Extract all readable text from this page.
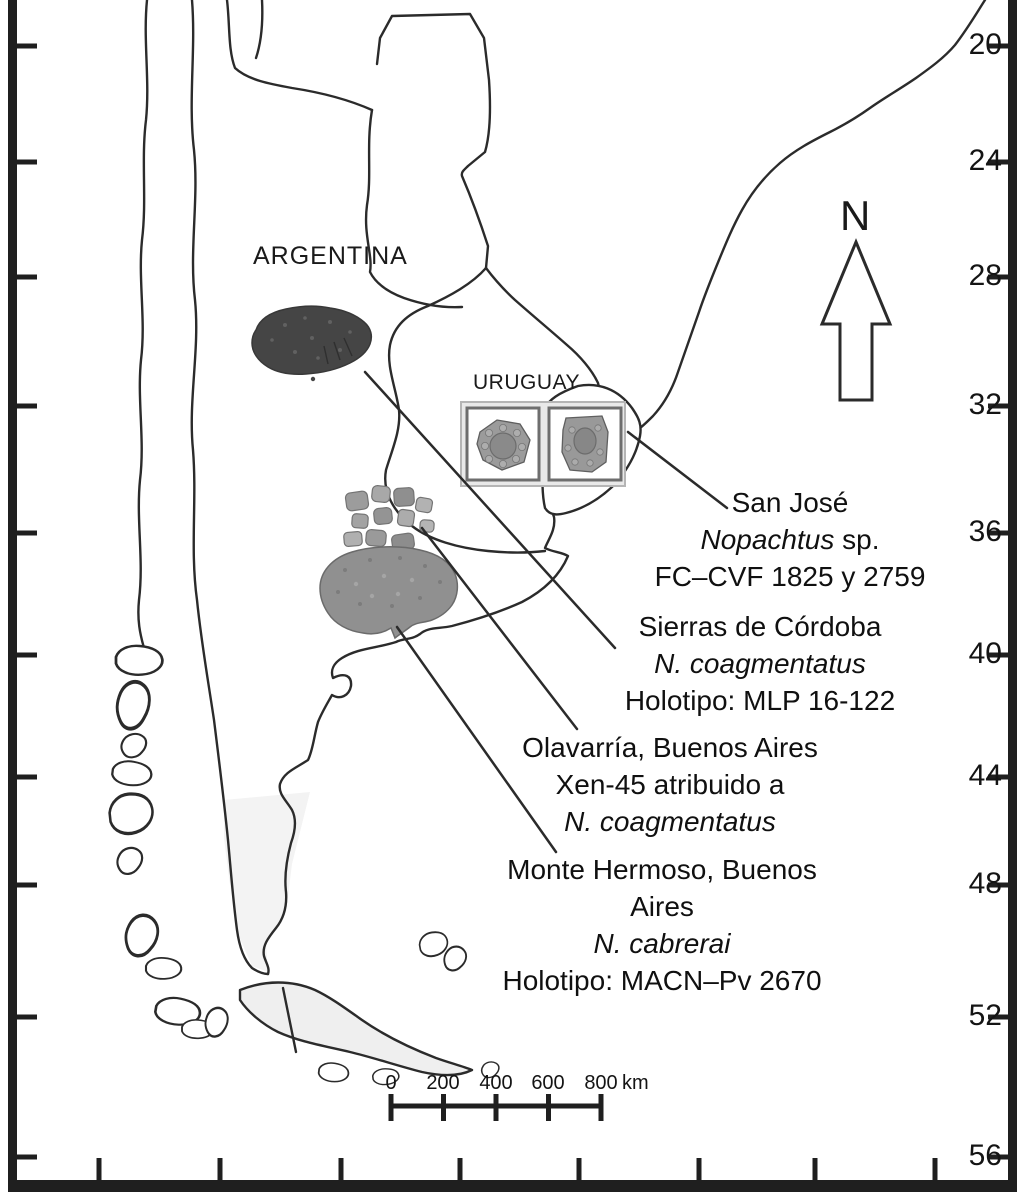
ARGENTINA
URUGUAY
N
20
24
28
32
36
40
44
48
52
56
0	200 400 600 800 km
San José
Nopachtus sp.
FC–CVF 1825 y 2759
Sierras de Córdoba
N. coagmentatus
Holotipo: MLP 16-122
Olavarría, Buenos Aires
Xen-45 atribuido a
N. coagmentatus
Monte Hermoso, Buenos Aires
N. cabrerai
Holotipo: MACN–Pv 2670
